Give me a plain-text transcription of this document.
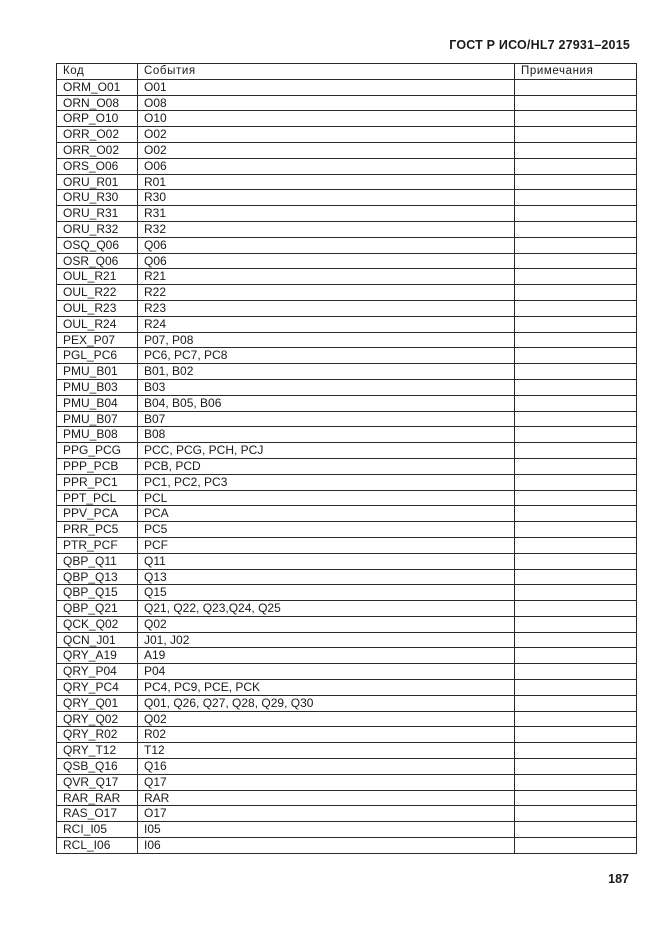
ГОСТ Р ИСО/HL7 27931–2015
Код	События	Примечания
ORM_O01	O01	
ORN_O08	O08	
ORP_O10	O10	
ORR_O02	O02	
ORR_O02	O02	
ORS_O06	O06	
ORU_R01	R01	
ORU_R30	R30	
ORU_R31	R31	
ORU_R32	R32	
OSQ_Q06	Q06	
OSR_Q06	Q06	
OUL_R21	R21	
OUL_R22	R22	
OUL_R23	R23	
OUL_R24	R24	
PEX_P07	P07, P08	
PGL_PC6	PC6, PC7, PC8	
PMU_B01	B01, B02	
PMU_B03	B03	
PMU_B04	B04, B05, B06	
PMU_B07	B07	
PMU_B08	B08	
PPG_PCG	PCC, PCG, PCH, PCJ	
PPP_PCB	PCB, PCD	
PPR_PC1	PC1, PC2, PC3	
PPT_PCL	PCL	
PPV_PCA	PCA	
PRR_PC5	PC5	
PTR_PCF	PCF	
QBP_Q11	Q11	
QBP_Q13	Q13	
QBP_Q15	Q15	
QBP_Q21	Q21, Q22, Q23,Q24, Q25	
QCK_Q02	Q02	
QCN_J01	J01, J02	
QRY_A19	A19	
QRY_P04	P04	
QRY_PC4	PC4, PC9, PCE, PCK	
QRY_Q01	Q01, Q26, Q27, Q28, Q29, Q30	
QRY_Q02	Q02	
QRY_R02	R02	
QRY_T12	T12	
QSB_Q16	Q16	
QVR_Q17	Q17	
RAR_RAR	RAR	
RAS_O17	O17	
RCI_I05	I05	
RCL_I06	I06	
187
